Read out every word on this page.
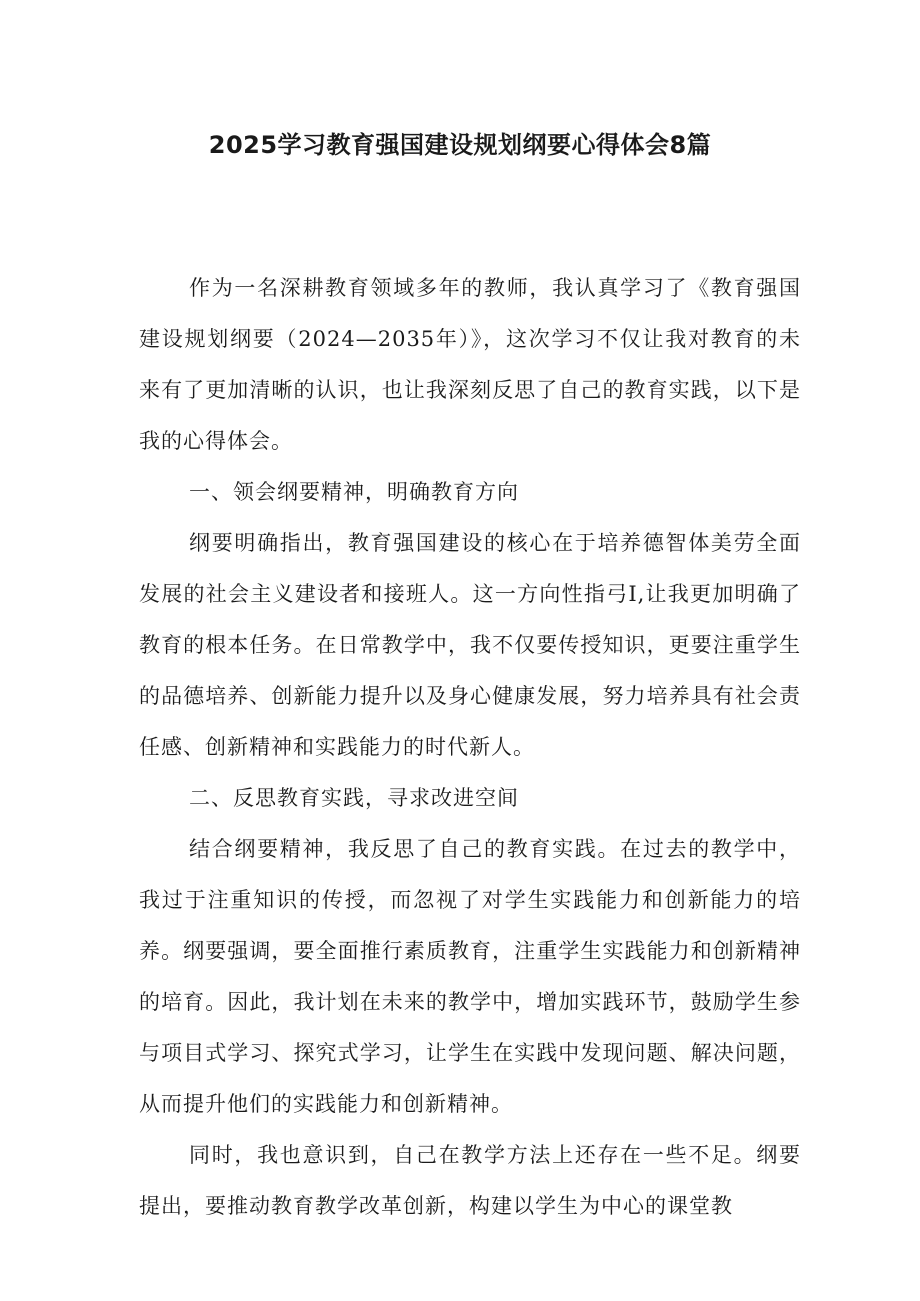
2025学习教育强国建设规划纲要心得体会8篇

作为一名深耕教育领域多年的教师，我认真学习了《教育强国建设规划纲要（2024—2035年）》，这次学习不仅让我对教育的未来有了更加清晰的认识，也让我深刻反思了自己的教育实践，以下是我的心得体会。

一、领会纲要精神，明确教育方向

纲要明确指出，教育强国建设的核心在于培养德智体美劳全面发展的社会主义建设者和接班人。这一方向性指弓I,让我更加明确了教育的根本任务。在日常教学中，我不仅要传授知识，更要注重学生的品德培养、创新能力提升以及身心健康发展，努力培养具有社会责任感、创新精神和实践能力的时代新人。

二、反思教育实践，寻求改进空间

结合纲要精神，我反思了自己的教育实践。在过去的教学中，我过于注重知识的传授，而忽视了对学生实践能力和创新能力的培养。纲要强调，要全面推行素质教育，注重学生实践能力和创新精神的培育。因此，我计划在未来的教学中，增加实践环节，鼓励学生参与项目式学习、探究式学习，让学生在实践中发现问题、解决问题，从而提升他们的实践能力和创新精神。

同时，我也意识到，自己在教学方法上还存在一些不足。纲要提出，要推动教育教学改革创新，构建以学生为中心的课堂教
